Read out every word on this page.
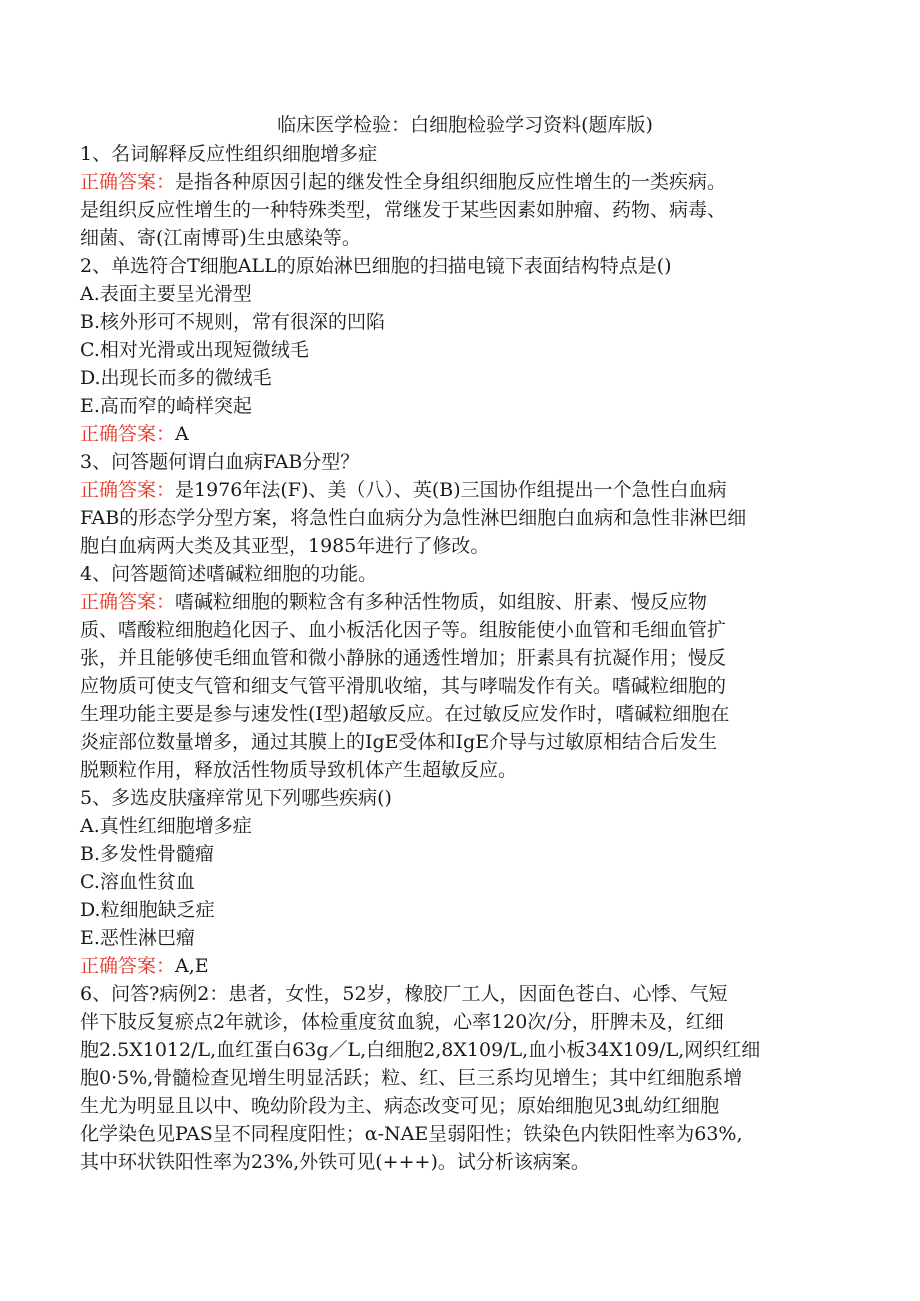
临床医学检验：白细胞检验学习资料(题库版)
1、名词解释反应性组织细胞增多症
正确答案：是指各种原因引起的继发性全身组织细胞反应性增生的一类疾病。
是组织反应性增生的一种特殊类型，常继发于某些因素如肿瘤、药物、病毒、
细菌、寄(江南博哥)生虫感染等。
2、单选符合T细胞ALL的原始淋巴细胞的扫描电镜下表面结构特点是()
A.表面主要呈光滑型
B.核外形可不规则，常有很深的凹陷
C.相对光滑或出现短微绒毛
D.出现长而多的微绒毛
E.高而窄的崎样突起
正确答案：A
3、问答题何谓白血病FAB分型？
正确答案：是1976年法(F)、美（八）、英(B)三国协作组提出一个急性白血病
FAB的形态学分型方案，将急性白血病分为急性淋巴细胞白血病和急性非淋巴细
胞白血病两大类及其亚型，1985年进行了修改。
4、问答题简述嗜碱粒细胞的功能。
正确答案：嗜碱粒细胞的颗粒含有多种活性物质，如组胺、肝素、慢反应物
质、嗜酸粒细胞趋化因子、血小板活化因子等。组胺能使小血管和毛细血管扩
张，并且能够使毛细血管和微小静脉的通透性增加；肝素具有抗凝作用；慢反
应物质可使支气管和细支气管平滑肌收缩，其与哮喘发作有关。嗜碱粒细胞的
生理功能主要是参与速发性(I型)超敏反应。在过敏反应发作时，嗜碱粒细胞在
炎症部位数量增多，通过其膜上的IgE受体和IgE介导与过敏原相结合后发生
脱颗粒作用，释放活性物质导致机体产生超敏反应。
5、多选皮肤瘙痒常见下列哪些疾病()
A.真性红细胞增多症
B.多发性骨髓瘤
C.溶血性贫血
D.粒细胞缺乏症
E.恶性淋巴瘤
正确答案：A,E
6、问答?病例2：患者，女性，52岁，橡胶厂工人，因面色苍白、心悸、气短
伴下肢反复瘀点2年就诊，体检重度贫血貌，心率120次/分，肝脾未及，红细
胞2.5X1012/L,血红蛋白63g／L,白细胞2,8X109/L,血小板34X109/L,网织红细
胞0·5%,骨髓检查见增生明显活跃；粒、红、巨三系均见增生；其中红细胞系增
生尤为明显且以中、晚幼阶段为主、病态改变可见；原始细胞见3虬幼红细胞
化学染色见PAS呈不同程度阳性；α-NAE呈弱阳性；铁染色内铁阳性率为63%,
其中环状铁阳性率为23%,外铁可见(+++)。试分析该病案。
